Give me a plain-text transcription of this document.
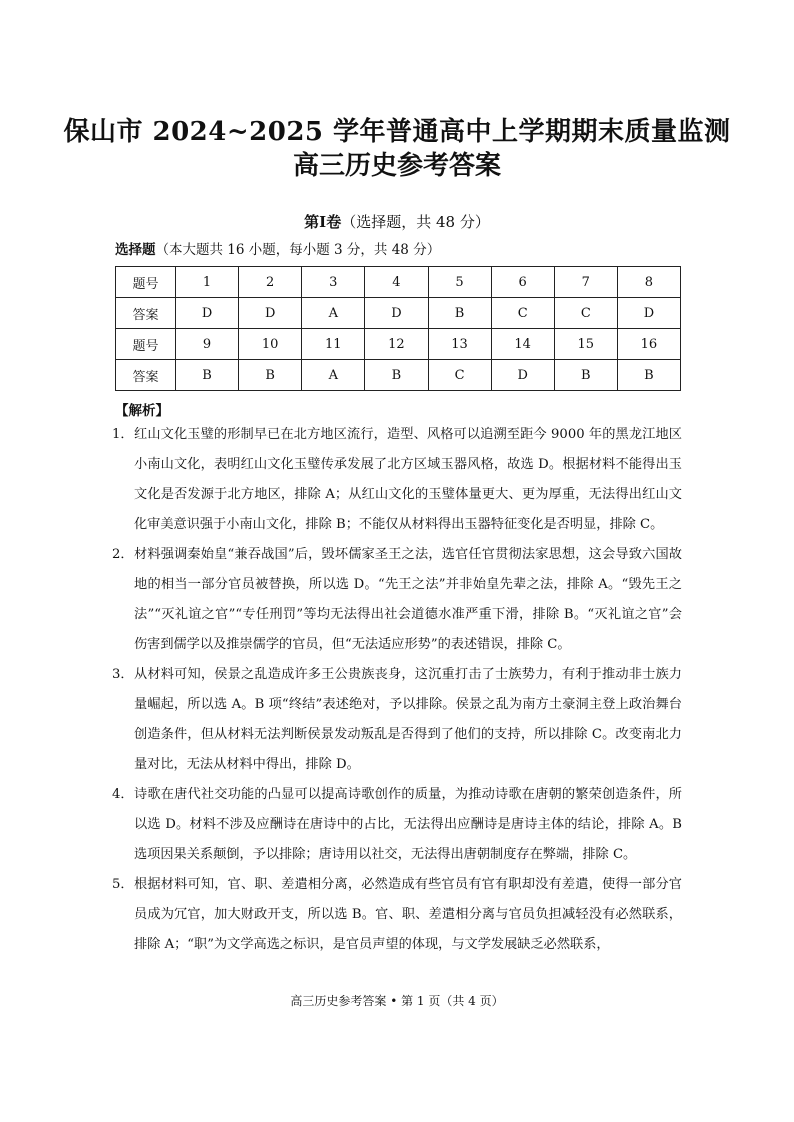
保山市 2024~2025 学年普通高中上学期期末质量监测
高三历史参考答案
第Ⅰ卷（选择题，共 48 分）
选择题（本大题共 16 小题，每小题 3 分，共 48 分）
题号	1	2	3	4	5	6	7	8
答案	D	D	A	D	B	C	C	D
题号	9	10	11	12	13	14	15	16
答案	B	B	A	B	C	D	B	B
【解析】
1． 红山文化玉璧的形制早已在北方地区流行，造型、风格可以追溯至距今 9000 年的黑龙江地区小南山文化，表明红山文化玉璧传承发展了北方区域玉器风格，故选 D。根据材料不能得出玉文化是否发源于北方地区，排除 A；从红山文化的玉璧体量更大、更为厚重，无法得出红山文化审美意识强于小南山文化，排除 B；不能仅从材料得出玉器特征变化是否明显，排除 C。
2． 材料强调秦始皇“兼吞战国”后，毁坏儒家圣王之法，选官任官贯彻法家思想，这会导致六国故地的相当一部分官员被替换，所以选 D。“先王之法”并非始皇先辈之法，排除 A。“毁先王之法”“灭礼谊之官”“专任刑罚”等均无法得出社会道德水准严重下滑，排除 B。“灭礼谊之官”会伤害到儒学以及推崇儒学的官员，但“无法适应形势”的表述错误，排除 C。
3． 从材料可知，侯景之乱造成许多王公贵族丧身，这沉重打击了士族势力，有利于推动非士族力量崛起，所以选 A。B 项“终结”表述绝对，予以排除。侯景之乱为南方土豪洞主登上政治舞台创造条件，但从材料无法判断侯景发动叛乱是否得到了他们的支持，所以排除 C。改变南北力量对比，无法从材料中得出，排除 D。
4． 诗歌在唐代社交功能的凸显可以提高诗歌创作的质量，为推动诗歌在唐朝的繁荣创造条件，所以选 D。材料不涉及应酬诗在唐诗中的占比，无法得出应酬诗是唐诗主体的结论，排除 A。B 选项因果关系颠倒，予以排除；唐诗用以社交，无法得出唐朝制度存在弊端，排除 C。
5． 根据材料可知，官、职、差遣相分离，必然造成有些官员有官有职却没有差遣，使得一部分官员成为冗官，加大财政开支，所以选 B。官、职、差遣相分离与官员负担减轻没有必然联系，排除 A；“职”为文学高选之标识，是官员声望的体现，与文学发展缺乏必然联系，
高三历史参考答案 • 第 1 页（共 4 页）
